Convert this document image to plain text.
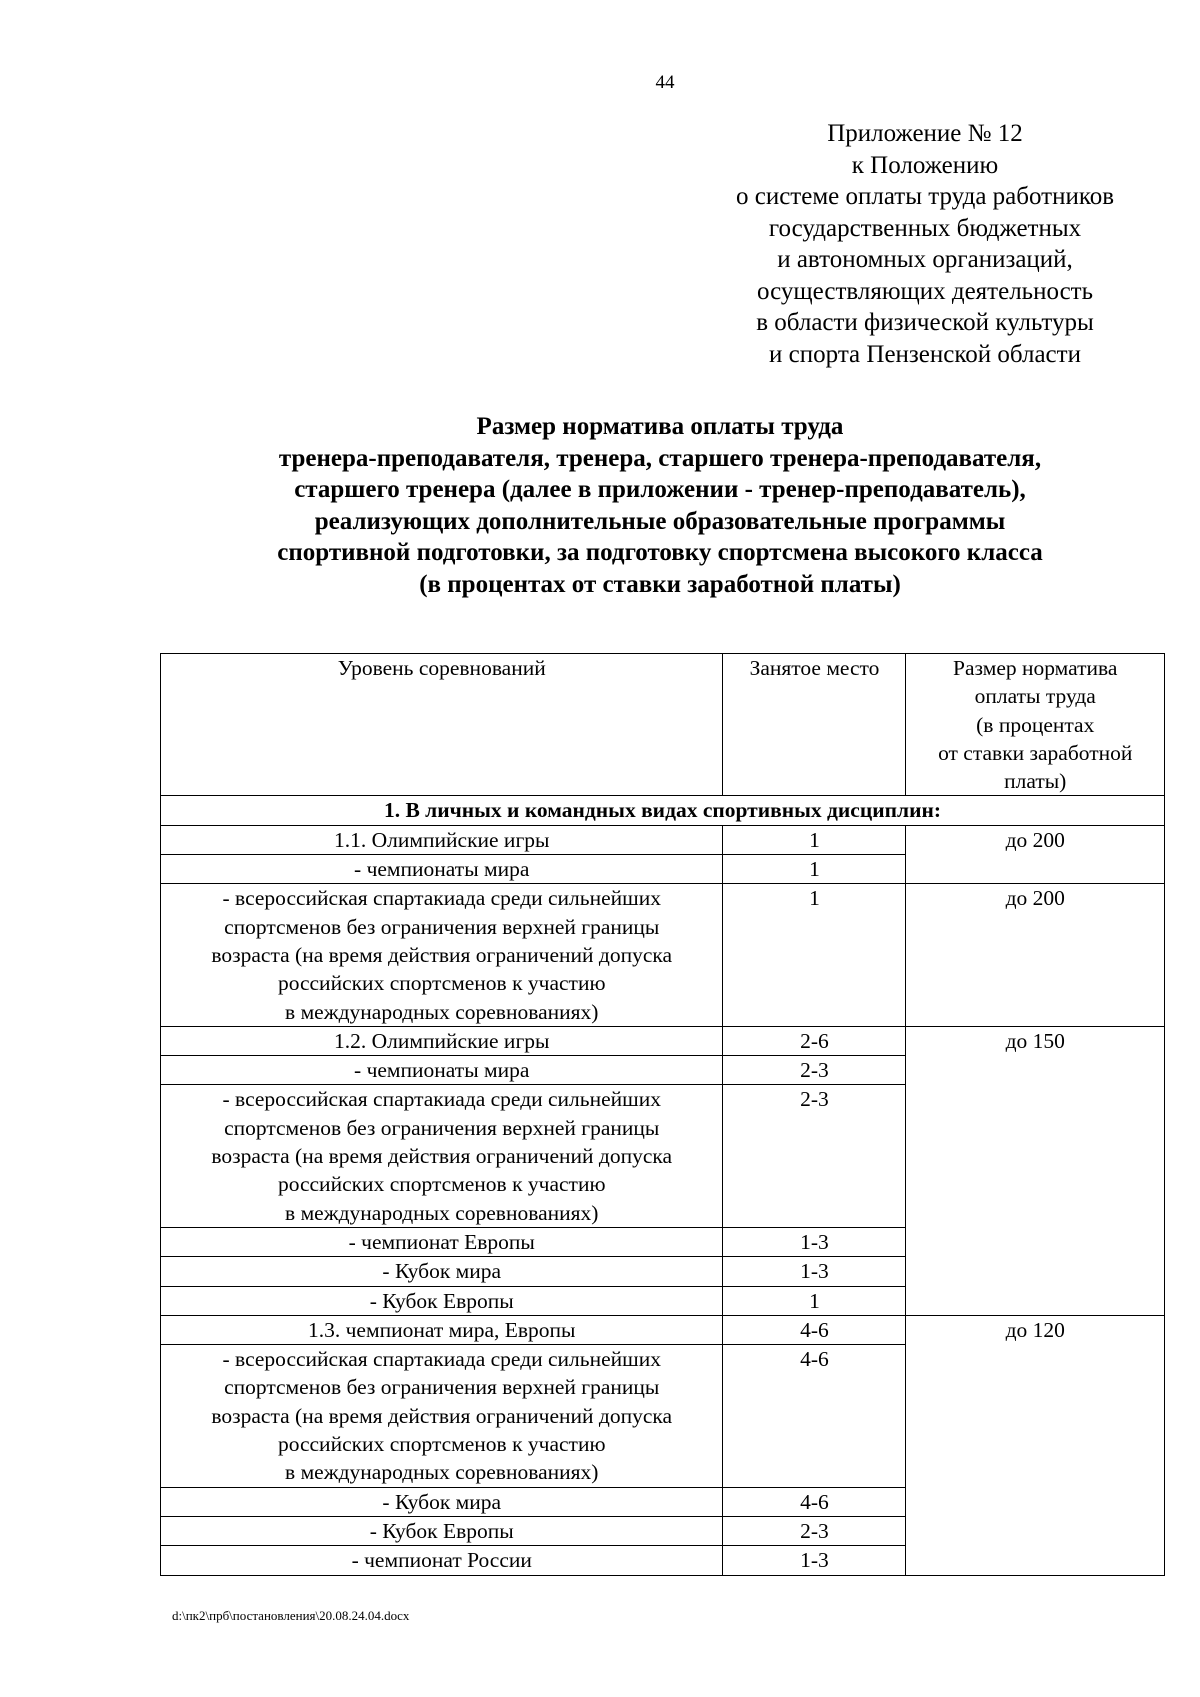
44
Приложение № 12
к Положению
о системе оплаты труда работников
государственных бюджетных
и автономных организаций,
осуществляющих деятельность
в области физической культуры
и спорта Пензенской области
Размер норматива оплаты труда
тренера-преподавателя, тренера, старшего тренера-преподавателя,
старшего тренера (далее в приложении - тренер-преподаватель),
реализующих дополнительные образовательные программы
спортивной подготовки, за подготовку спортсмена высокого класса
(в процентах от ставки заработной платы)
Уровень соревнований	Занятое место	Размер норматива
оплаты труда
(в процентах
от ставки заработной
платы)
1. В личных и командных видах спортивных дисциплин:		
1.1. Олимпийские игры	1	до 200
- чемпионаты мира	1	
- всероссийская спартакиада среди сильнейших
спортсменов без ограничения верхней границы
возраста (на время действия ограничений допуска
российских спортсменов к участию
в международных соревнованиях)	1	до 200
1.2. Олимпийские игры	2-6	до 150
- чемпионаты мира	2-3	
- всероссийская спартакиада среди сильнейших
спортсменов без ограничения верхней границы
возраста (на время действия ограничений допуска
российских спортсменов к участию
в международных соревнованиях)	2-3	
- чемпионат Европы	1-3	
- Кубок мира	1-3	
- Кубок Европы	1	
1.3. чемпионат мира, Европы	4-6	до 120
- всероссийская спартакиада среди сильнейших
спортсменов без ограничения верхней границы
возраста (на время действия ограничений допуска
российских спортсменов к участию
в международных соревнованиях)	4-6	
- Кубок мира	4-6	
- Кубок Европы	2-3	
- чемпионат России	1-3	
d:\пк2\прб\постановления\20.08.24.04.docx
